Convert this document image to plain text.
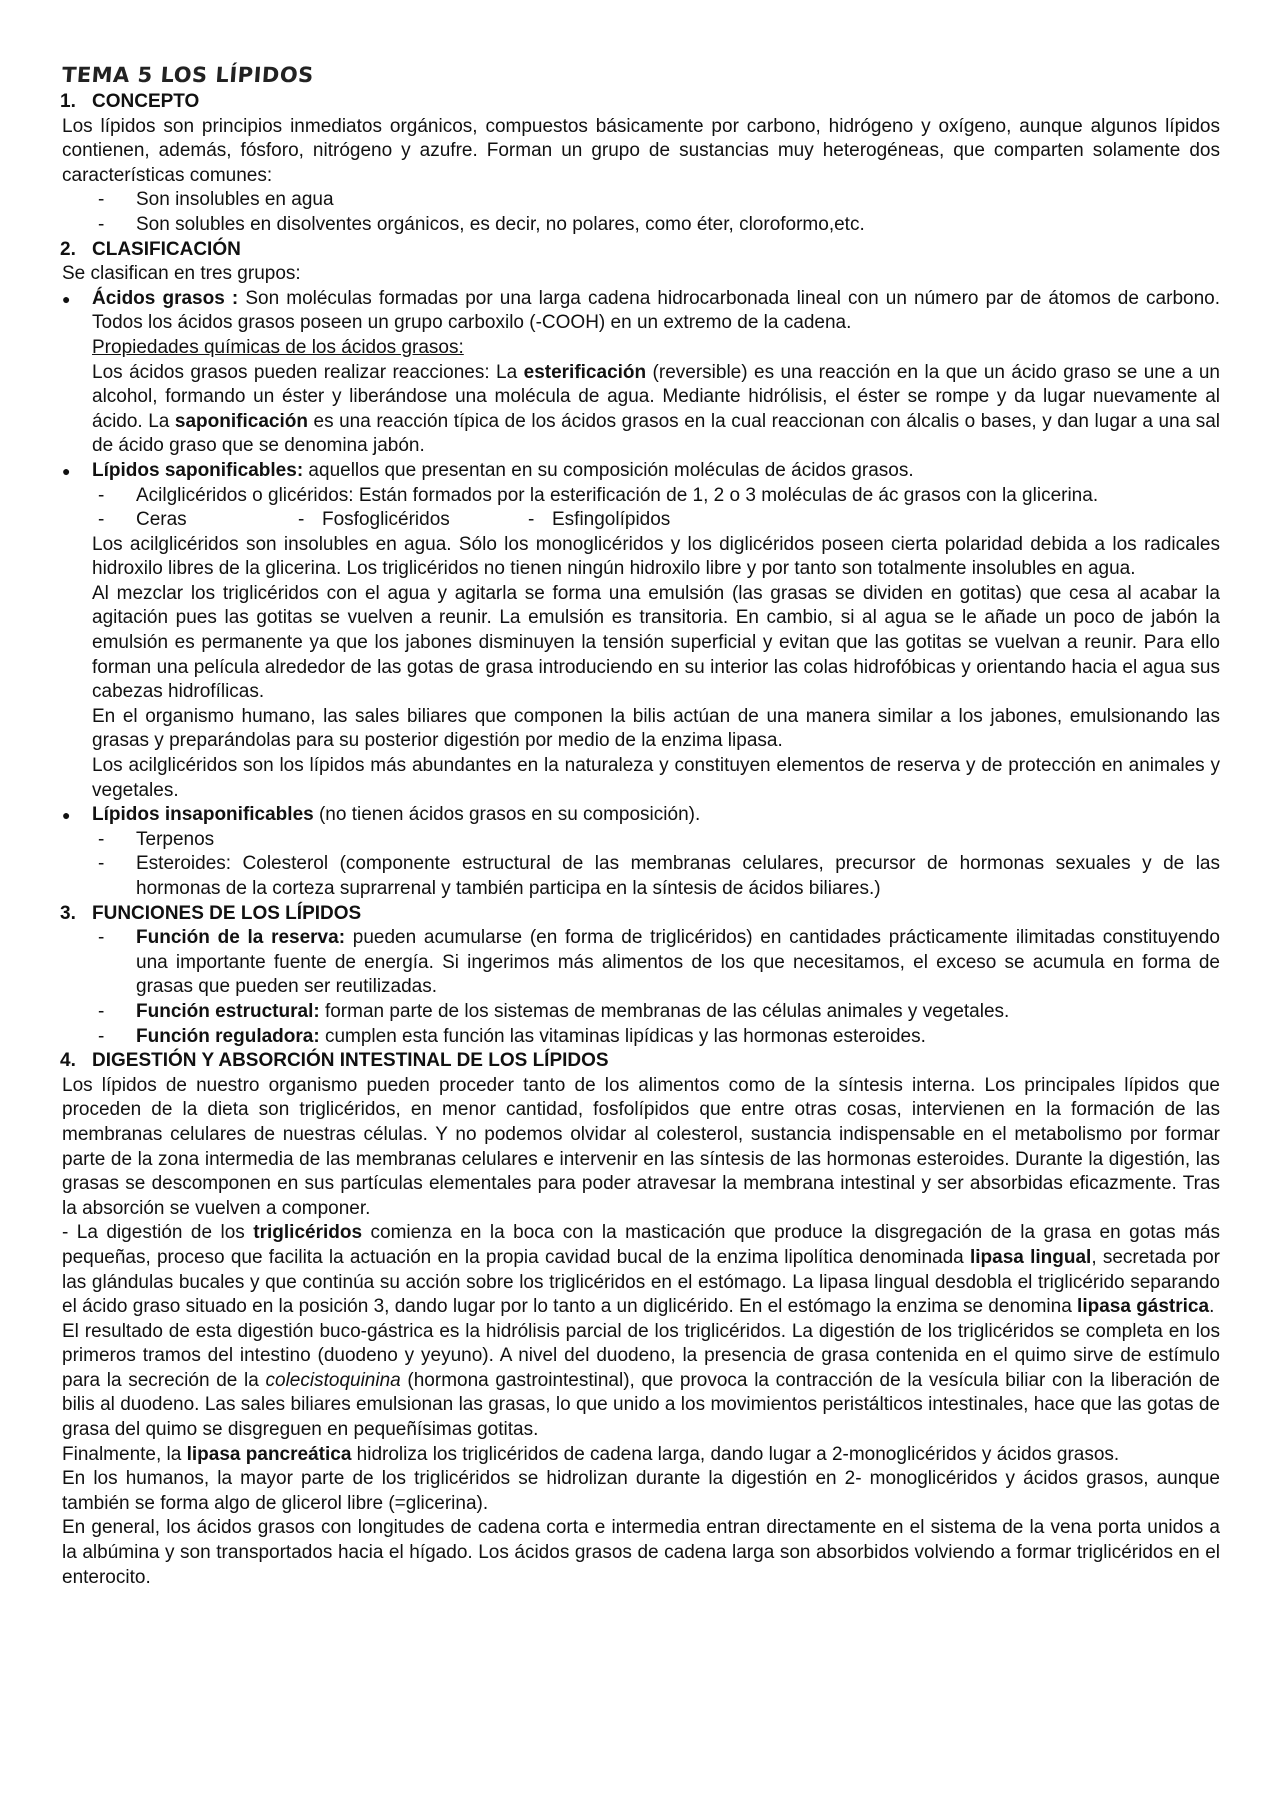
TEMA 5 LOS LÍPIDOS
1. CONCEPTO

Los lípidos son principios inmediatos orgánicos, compuestos básicamente por carbono, hidrógeno y oxígeno, aunque algunos lípidos contienen, además, fósforo, nitrógeno y azufre. Forman un grupo de sustancias muy heterogéneas, que comparten solamente dos características comunes:

-	Son insolubles en agua
-	Son solubles en disolventes orgánicos, es decir, no polares, como éter, cloroformo,etc.
2. CLASIFICACIÓN

Se clasifican en tres grupos:

●	Ácidos grasos : Son moléculas formadas por una larga cadena hidrocarbonada lineal con un número par de átomos de carbono. Todos los ácidos grasos poseen un grupo carboxilo (-COOH) en un extremo de la cadena.

Propiedades químicas de los ácidos grasos:

Los ácidos grasos pueden realizar reacciones: La esterificación (reversible) es una reacción en la que un ácido graso se une a un alcohol, formando un éster y liberándose una molécula de agua. Mediante hidrólisis, el éster se rompe y da lugar nuevamente al ácido. La saponificación es una reacción típica de los ácidos grasos en la cual reaccionan con álcalis o bases, y dan lugar a una sal de ácido graso que se denomina jabón.

●	Lípidos saponificables: aquellos que presentan en su composición moléculas de ácidos grasos.
-	Acilglicéridos o glicéridos: Están formados por la esterificación de 1, 2 o 3 moléculas de ác grasos con la glicerina.
-	Ceras	- Fosfoglicéridos	- Esfingolípidos

Los acilglicéridos son insolubles en agua. Sólo los monoglicéridos y los diglicéridos poseen cierta polaridad debida a los radicales hidroxilo libres de la glicerina. Los triglicéridos no tienen ningún hidroxilo libre y por tanto son totalmente insolubles en agua.

Al mezclar los triglicéridos con el agua y agitarla se forma una emulsión (las grasas se dividen en gotitas) que cesa al acabar la agitación pues las gotitas se vuelven a reunir. La emulsión es transitoria. En cambio, si al agua se le añade un poco de jabón la emulsión es permanente ya que los jabones disminuyen la tensión superficial y evitan que las gotitas se vuelvan a reunir. Para ello forman una película alrededor de las gotas de grasa introduciendo en su interior las colas hidrofóbicas y orientando hacia el agua sus cabezas hidrofílicas.

En el organismo humano, las sales biliares que componen la bilis actúan de una manera similar a los jabones, emulsionando las grasas y preparándolas para su posterior digestión por medio de la enzima lipasa.

Los acilglicéridos son los lípidos más abundantes en la naturaleza y constituyen elementos de reserva y de protección en animales y vegetales.

●	Lípidos insaponificables (no tienen ácidos grasos en su composición).
-	Terpenos
-	Esteroides: Colesterol (componente estructural de las membranas celulares, precursor de hormonas sexuales y de las hormonas de la corteza suprarrenal y también participa en la síntesis de ácidos biliares.)
3. FUNCIONES DE LOS LÍPIDOS
-	Función de la reserva: pueden acumularse (en forma de triglicéridos) en cantidades prácticamente ilimitadas constituyendo una importante fuente de energía. Si ingerimos más alimentos de los que necesitamos, el exceso se acumula en forma de grasas que pueden ser reutilizadas.
-	Función estructural: forman parte de los sistemas de membranas de las células animales y vegetales.
-	Función reguladora: cumplen esta función las vitaminas lipídicas y las hormonas esteroides.
4. DIGESTIÓN Y ABSORCIÓN INTESTINAL DE LOS LÍPIDOS

Los lípidos de nuestro organismo pueden proceder tanto de los alimentos como de la síntesis interna. Los principales lípidos que proceden de la dieta son triglicéridos, en menor cantidad, fosfolípidos que entre otras cosas, intervienen en la formación de las membranas celulares de nuestras células. Y no podemos olvidar al colesterol, sustancia indispensable en el metabolismo por formar parte de la zona intermedia de las membranas celulares e intervenir en las síntesis de las hormonas esteroides. Durante la digestión, las grasas se descomponen en sus partículas elementales para poder atravesar la membrana intestinal y ser absorbidas eficazmente. Tras la absorción se vuelven a componer.

- La digestión de los triglicéridos comienza en la boca con la masticación que produce la disgregación de la grasa en gotas más pequeñas, proceso que facilita la actuación en la propia cavidad bucal de la enzima lipolítica denominada lipasa lingual, secretada por las glándulas bucales y que continúa su acción sobre los triglicéridos en el estómago. La lipasa lingual desdobla el triglicérido separando el ácido graso situado en la posición 3, dando lugar por lo tanto a un diglicérido. En el estómago la enzima se denomina lipasa gástrica.

El resultado de esta digestión buco-gástrica es la hidrólisis parcial de los triglicéridos. La digestión de los triglicéridos se completa en los primeros tramos del intestino (duodeno y yeyuno). A nivel del duodeno, la presencia de grasa contenida en el quimo sirve de estímulo para la secreción de la colecistoquinina (hormona gastrointestinal), que provoca la contracción de la vesícula biliar con la liberación de bilis al duodeno. Las sales biliares emulsionan las grasas, lo que unido a los movimientos peristálticos intestinales, hace que las gotas de grasa del quimo se disgreguen en pequeñísimas gotitas.

Finalmente, la lipasa pancreática hidroliza los triglicéridos de cadena larga, dando lugar a 2-monoglicéridos y ácidos grasos.

En los humanos, la mayor parte de los triglicéridos se hidrolizan durante la digestión en 2- monoglicéridos y ácidos grasos, aunque también se forma algo de glicerol libre (=glicerina).

En general, los ácidos grasos con longitudes de cadena corta e intermedia entran directamente en el sistema de la vena porta unidos a la albúmina y son transportados hacia el hígado. Los ácidos grasos de cadena larga son absorbidos volviendo a formar triglicéridos en el enterocito.
